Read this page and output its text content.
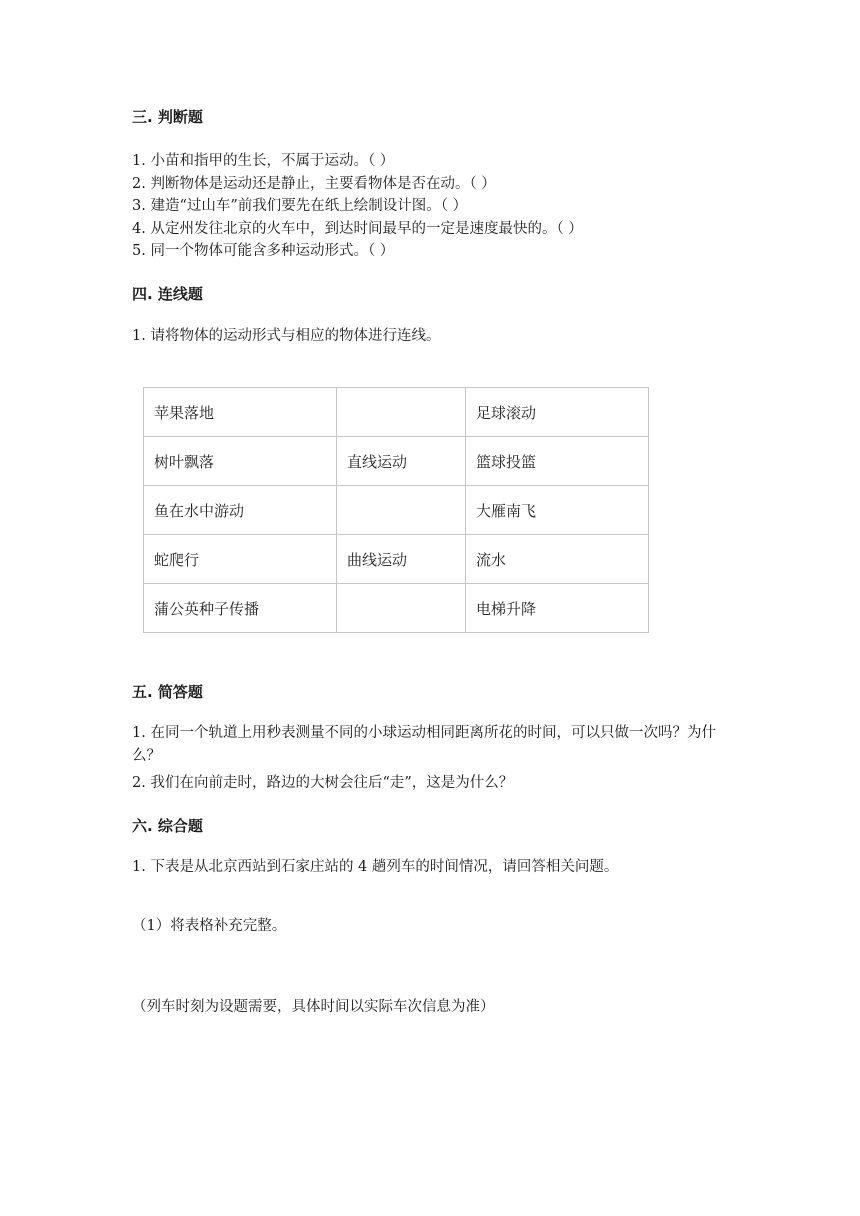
三. 判断题

1. 小苗和指甲的生长，不属于运动。（ ）

2. 判断物体是运动还是静止，主要看物体是否在动。（ ）

3. 建造“过山车”前我们要先在纸上绘制设计图。（ ）

4. 从定州发往北京的火车中，到达时间最早的一定是速度最快的。（ ）

5. 同一个物体可能含多种运动形式。（ ）

四. 连线题

1. 请将物体的运动形式与相应的物体进行连线。

苹果落地		足球滚动
树叶飘落	直线运动	篮球投篮
鱼在水中游动		大雁南飞
蛇爬行	曲线运动	流水
蒲公英种子传播		电梯升降
五. 简答题

1. 在同一个轨道上用秒表测量不同的小球运动相同距离所花的时间，可以只做一次吗？为什么？

2. 我们在向前走时，路边的大树会往后“走”，这是为什么？

六. 综合题

1. 下表是从北京西站到石家庄站的 4 趟列车的时间情况，请回答相关问题。

（1）将表格补充完整。

（列车时刻为设题需要，具体时间以实际车次信息为准）
